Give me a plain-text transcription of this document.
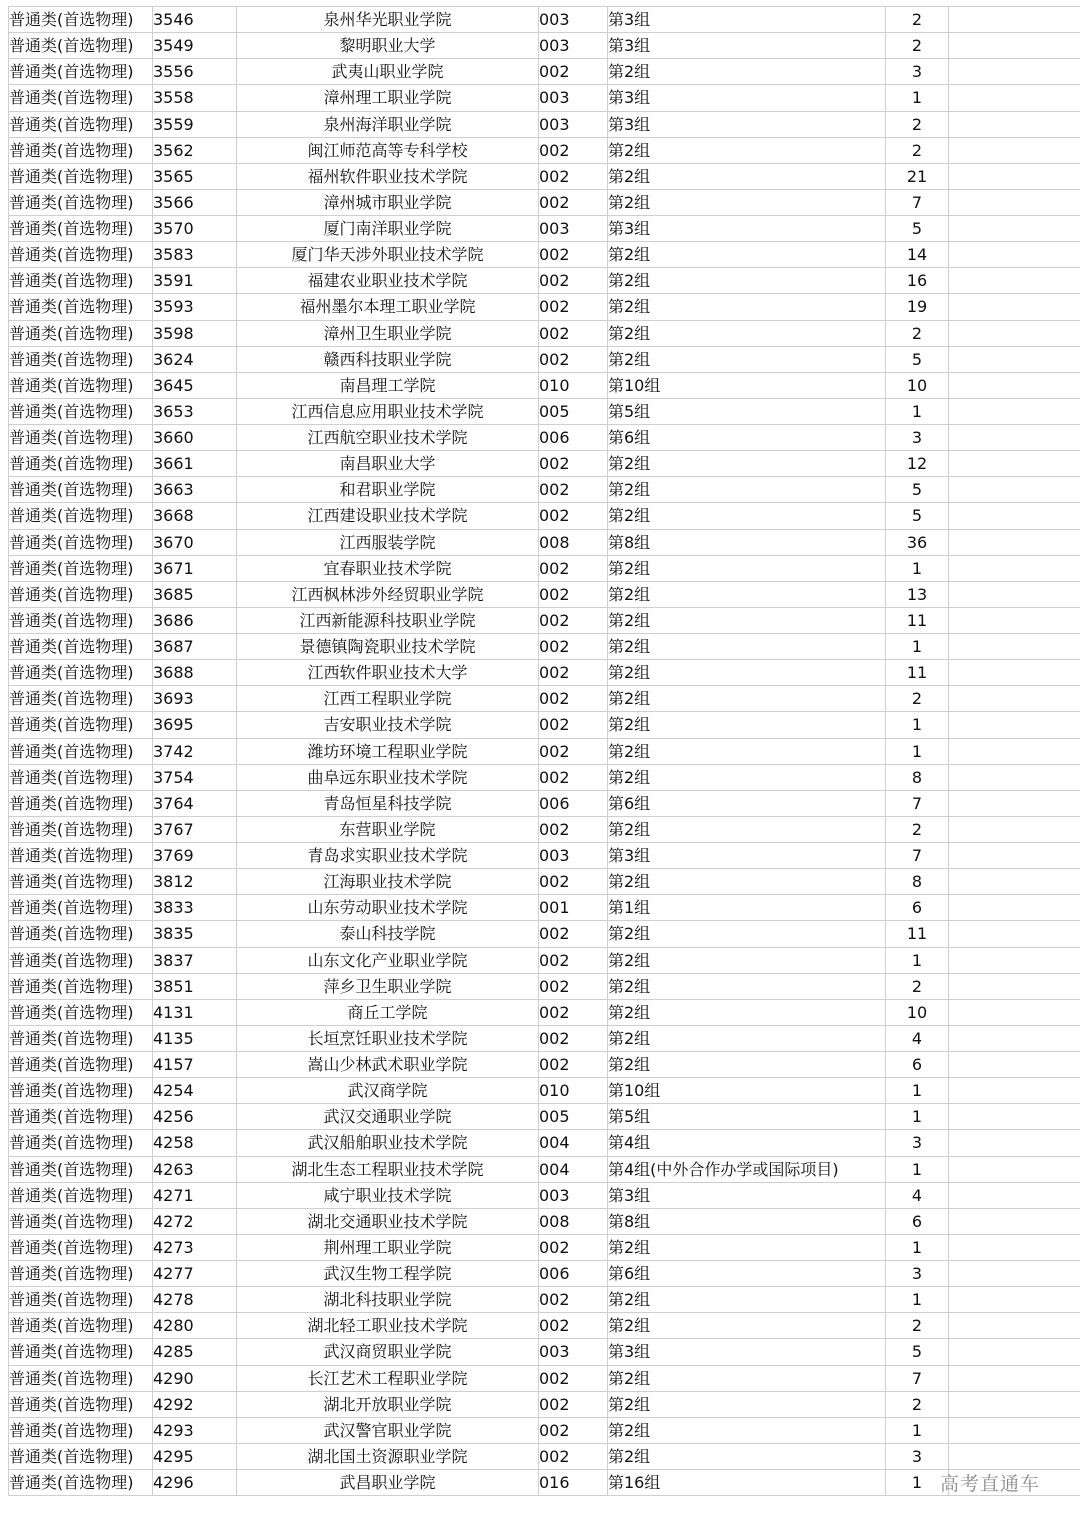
普通类(首选物理)	3546	泉州华光职业学院	003	第3组	2	
普通类(首选物理)	3549	黎明职业大学	003	第3组	2	
普通类(首选物理)	3556	武夷山职业学院	002	第2组	3	
普通类(首选物理)	3558	漳州理工职业学院	003	第3组	1	
普通类(首选物理)	3559	泉州海洋职业学院	003	第3组	2	
普通类(首选物理)	3562	闽江师范高等专科学校	002	第2组	2	
普通类(首选物理)	3565	福州软件职业技术学院	002	第2组	21	
普通类(首选物理)	3566	漳州城市职业学院	002	第2组	7	
普通类(首选物理)	3570	厦门南洋职业学院	003	第3组	5	
普通类(首选物理)	3583	厦门华天涉外职业技术学院	002	第2组	14	
普通类(首选物理)	3591	福建农业职业技术学院	002	第2组	16	
普通类(首选物理)	3593	福州墨尔本理工职业学院	002	第2组	19	
普通类(首选物理)	3598	漳州卫生职业学院	002	第2组	2	
普通类(首选物理)	3624	赣西科技职业学院	002	第2组	5	
普通类(首选物理)	3645	南昌理工学院	010	第10组	10	
普通类(首选物理)	3653	江西信息应用职业技术学院	005	第5组	1	
普通类(首选物理)	3660	江西航空职业技术学院	006	第6组	3	
普通类(首选物理)	3661	南昌职业大学	002	第2组	12	
普通类(首选物理)	3663	和君职业学院	002	第2组	5	
普通类(首选物理)	3668	江西建设职业技术学院	002	第2组	5	
普通类(首选物理)	3670	江西服装学院	008	第8组	36	
普通类(首选物理)	3671	宜春职业技术学院	002	第2组	1	
普通类(首选物理)	3685	江西枫林涉外经贸职业学院	002	第2组	13	
普通类(首选物理)	3686	江西新能源科技职业学院	002	第2组	11	
普通类(首选物理)	3687	景德镇陶瓷职业技术学院	002	第2组	1	
普通类(首选物理)	3688	江西软件职业技术大学	002	第2组	11	
普通类(首选物理)	3693	江西工程职业学院	002	第2组	2	
普通类(首选物理)	3695	吉安职业技术学院	002	第2组	1	
普通类(首选物理)	3742	潍坊环境工程职业学院	002	第2组	1	
普通类(首选物理)	3754	曲阜远东职业技术学院	002	第2组	8	
普通类(首选物理)	3764	青岛恒星科技学院	006	第6组	7	
普通类(首选物理)	3767	东营职业学院	002	第2组	2	
普通类(首选物理)	3769	青岛求实职业技术学院	003	第3组	7	
普通类(首选物理)	3812	江海职业技术学院	002	第2组	8	
普通类(首选物理)	3833	山东劳动职业技术学院	001	第1组	6	
普通类(首选物理)	3835	泰山科技学院	002	第2组	11	
普通类(首选物理)	3837	山东文化产业职业学院	002	第2组	1	
普通类(首选物理)	3851	萍乡卫生职业学院	002	第2组	2	
普通类(首选物理)	4131	商丘工学院	002	第2组	10	
普通类(首选物理)	4135	长垣烹饪职业技术学院	002	第2组	4	
普通类(首选物理)	4157	嵩山少林武术职业学院	002	第2组	6	
普通类(首选物理)	4254	武汉商学院	010	第10组	1	
普通类(首选物理)	4256	武汉交通职业学院	005	第5组	1	
普通类(首选物理)	4258	武汉船舶职业技术学院	004	第4组	3	
普通类(首选物理)	4263	湖北生态工程职业技术学院	004	第4组(中外合作办学或国际项目)	1	
普通类(首选物理)	4271	咸宁职业技术学院	003	第3组	4	
普通类(首选物理)	4272	湖北交通职业技术学院	008	第8组	6	
普通类(首选物理)	4273	荆州理工职业学院	002	第2组	1	
普通类(首选物理)	4277	武汉生物工程学院	006	第6组	3	
普通类(首选物理)	4278	湖北科技职业学院	002	第2组	1	
普通类(首选物理)	4280	湖北轻工职业技术学院	002	第2组	2	
普通类(首选物理)	4285	武汉商贸职业学院	003	第3组	5	
普通类(首选物理)	4290	长江艺术工程职业学院	002	第2组	7	
普通类(首选物理)	4292	湖北开放职业学院	002	第2组	2	
普通类(首选物理)	4293	武汉警官职业学院	002	第2组	1	
普通类(首选物理)	4295	湖北国土资源职业学院	002	第2组	3	
普通类(首选物理)	4296	武昌职业学院	016	第16组	1	高考直通车
